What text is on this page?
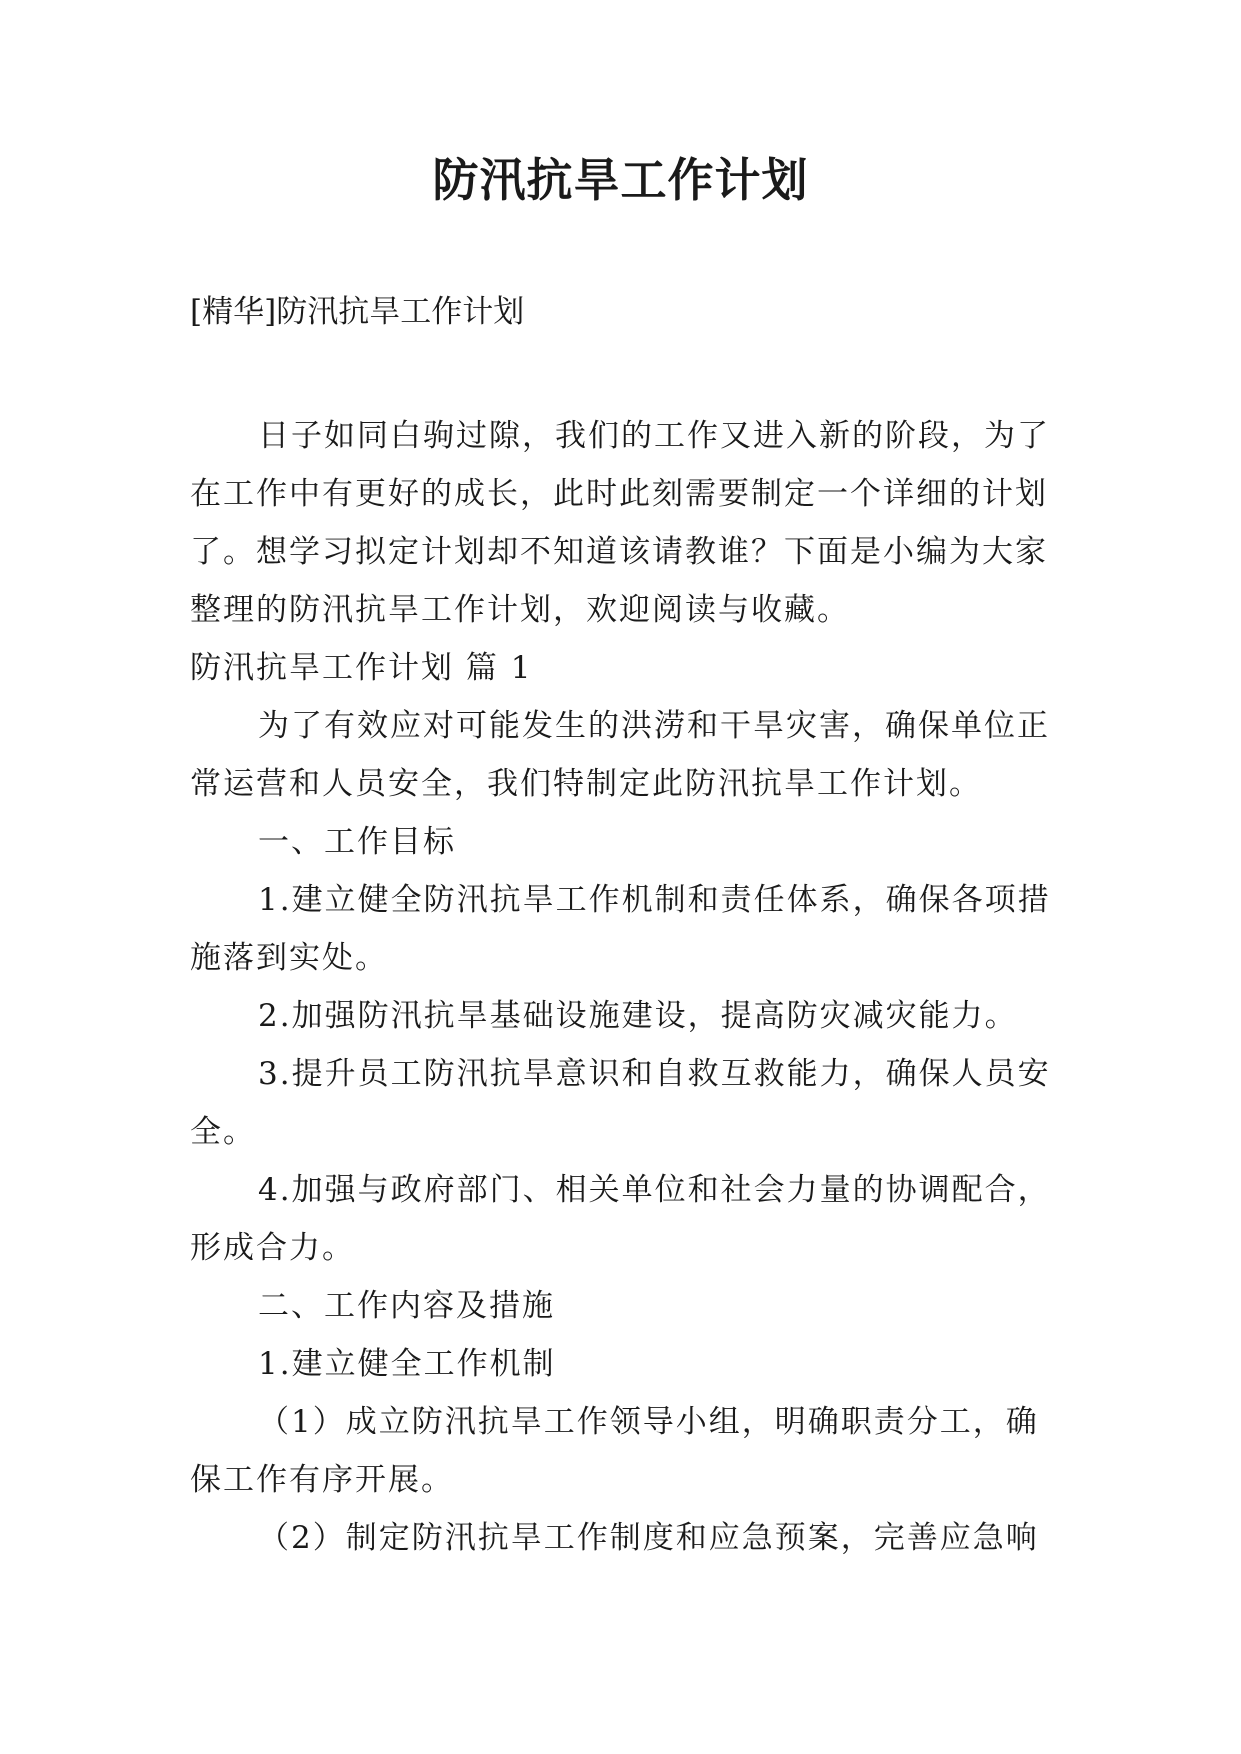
防汛抗旱工作计划
[精华]防汛抗旱工作计划
日子如同白驹过隙，我们的工作又进入新的阶段，为了
在工作中有更好的成长，此时此刻需要制定一个详细的计划
了。想学习拟定计划却不知道该请教谁？下面是小编为大家
整理的防汛抗旱工作计划，欢迎阅读与收藏。
防汛抗旱工作计划 篇 1
为了有效应对可能发生的洪涝和干旱灾害，确保单位正
常运营和人员安全，我们特制定此防汛抗旱工作计划。
一、工作目标
1.建立健全防汛抗旱工作机制和责任体系，确保各项措
施落到实处。
2.加强防汛抗旱基础设施建设，提高防灾减灾能力。
3.提升员工防汛抗旱意识和自救互救能力，确保人员安
全。
4.加强与政府部门、相关单位和社会力量的协调配合，
形成合力。
二、工作内容及措施
1.建立健全工作机制
（1）成立防汛抗旱工作领导小组，明确职责分工，确
保工作有序开展。
（2）制定防汛抗旱工作制度和应急预案，完善应急响
